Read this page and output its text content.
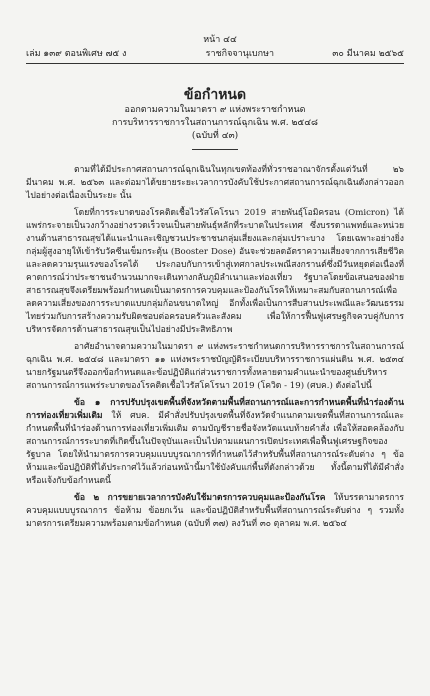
หน้า ๔๔
เล่ม ๑๓๙ ตอนพิเศษ ๗๕ ง	ราชกิจจานุเบกษา	๓๐ มีนาคม ๒๕๖๕
ข้อกำหนด
ออกตามความในมาตรา ๙ แห่งพระราชกำหนด
การบริหารราชการในสถานการณ์ฉุกเฉิน พ.ศ. ๒๕๔๘
(ฉบับที่ ๔๓)

ตามที่ได้มีประกาศสถานการณ์ฉุกเฉินในทุกเขตท้องที่ทั่วราชอาณาจักรตั้งแต่วันที่ ๒๖ มีนาคม พ.ศ. ๒๕๖๓ และต่อมาได้ขยายระยะเวลาการบังคับใช้ประกาศสถานการณ์ฉุกเฉินดังกล่าวออกไปอย่างต่อเนื่องเป็นระยะ นั้น

โดยที่การระบาดของโรคติดเชื้อไวรัสโคโรนา 2019 สายพันธุ์โอมิครอน (Omicron) ได้แพร่กระจายเป็นวงกว้างอย่างรวดเร็วจนเป็นสายพันธุ์หลักที่ระบาดในประเทศ ซึ่งบรรดาแพทย์และหน่วยงานด้านสาธารณสุขได้แนะนำและเชิญชวนประชาชนกลุ่มเสี่ยงและกลุ่มเปราะบาง โดยเฉพาะอย่างยิ่งกลุ่มผู้สูงอายุให้เข้ารับวัคซีนเข็มกระตุ้น (Booster Dose) อันจะช่วยลดอัตราความเสี่ยงจากการเสียชีวิตและลดความรุนแรงของโรคได้ ประกอบกับการเข้าสู่เทศกาลประเพณีสงกรานต์ซึ่งมีวันหยุดต่อเนื่องที่คาดการณ์ว่าประชาชนจำนวนมากจะเดินทางกลับภูมิลำเนาและท่องเที่ยว รัฐบาลโดยข้อเสนอของฝ่ายสาธารณสุขจึงเตรียมพร้อมกำหนดเป็นมาตรการควบคุมและป้องกันโรคให้เหมาะสมกับสถานการณ์เพื่อลดความเสี่ยงของการระบาดแบบกลุ่มก้อนขนาดใหญ่ อีกทั้งเพื่อเป็นการสืบสานประเพณีและวัฒนธรรมไทยร่วมกับการสร้างความรับผิดชอบต่อครอบครัวและสังคม เพื่อให้การฟื้นฟูเศรษฐกิจควบคู่กับการบริหารจัดการด้านสาธารณสุขเป็นไปอย่างมีประสิทธิภาพ

อาศัยอำนาจตามความในมาตรา ๙ แห่งพระราชกำหนดการบริหารราชการในสถานการณ์ฉุกเฉิน พ.ศ. ๒๕๔๘ และมาตรา ๑๑ แห่งพระราชบัญญัติระเบียบบริหารราชการแผ่นดิน พ.ศ. ๒๕๓๔ นายกรัฐมนตรีจึงออกข้อกำหนดและข้อปฏิบัติแก่ส่วนราชการทั้งหลายตามคำแนะนำของศูนย์บริหารสถานการณ์การแพร่ระบาดของโรคติดเชื้อไวรัสโคโรนา 2019 (โควิด - 19) (ศบค.) ดังต่อไปนี้

ข้อ ๑ การปรับปรุงเขตพื้นที่จังหวัดตามพื้นที่สถานการณ์และการกำหนดพื้นที่นำร่องด้านการท่องเที่ยวเพิ่มเติม ให้ ศบค. มีคำสั่งปรับปรุงเขตพื้นที่จังหวัดจำแนกตามเขตพื้นที่สถานการณ์และกำหนดพื้นที่นำร่องด้านการท่องเที่ยวเพิ่มเติม ตามบัญชีรายชื่อจังหวัดแนบท้ายคำสั่ง เพื่อให้สอดคล้องกับสถานการณ์การระบาดที่เกิดขึ้นในปัจจุบันและเป็นไปตามแผนการเปิดประเทศเพื่อฟื้นฟูเศรษฐกิจของรัฐบาล โดยให้นำมาตรการควบคุมแบบบูรณาการที่กำหนดไว้สำหรับพื้นที่สถานการณ์ระดับต่าง ๆ ข้อห้ามและข้อปฏิบัติที่ได้ประกาศไว้แล้วก่อนหน้านี้มาใช้บังคับแก่พื้นที่ดังกล่าวด้วย ทั้งนี้ตามที่ได้มีคำสั่งหรือแจ้งกับข้อกำหนดนี้

ข้อ ๒ การขยายเวลาการบังคับใช้มาตรการควบคุมและป้องกันโรค ให้บรรดามาตรการควบคุมแบบบูรณาการ ข้อห้าม ข้อยกเว้น และข้อปฏิบัติสำหรับพื้นที่สถานการณ์ระดับต่าง ๆ รวมทั้งมาตรการเตรียมความพร้อมตามข้อกำหนด (ฉบับที่ ๓๗) ลงวันที่ ๓๐ ตุลาคม พ.ศ. ๒๕๖๔
